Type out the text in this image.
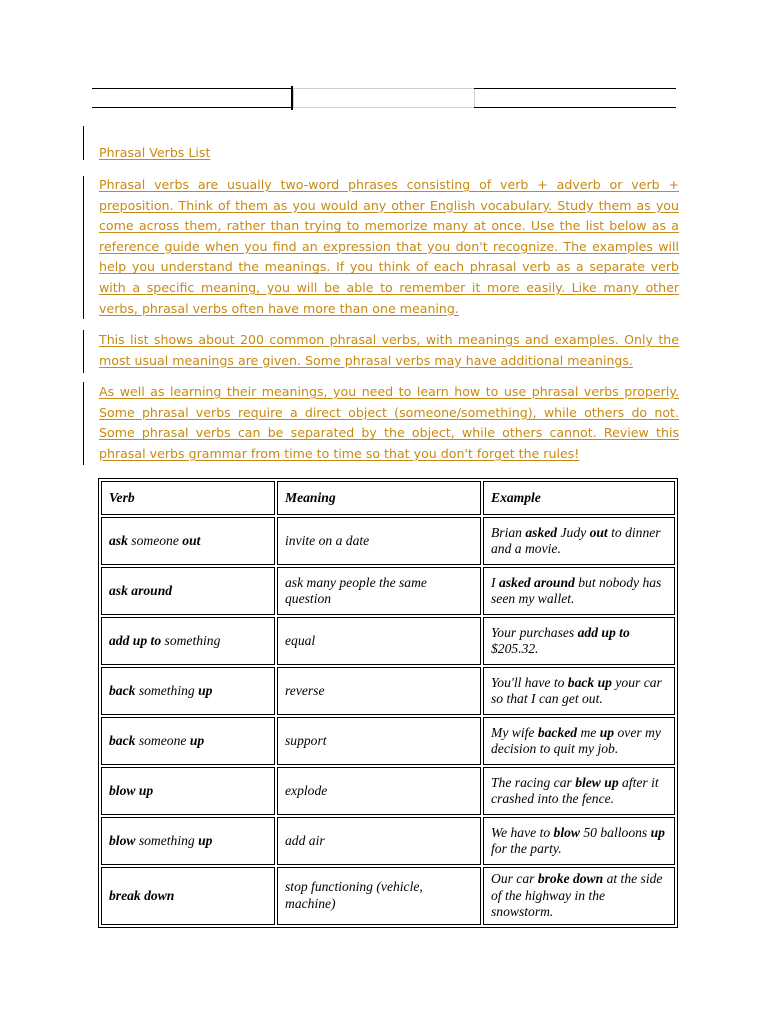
Phrasal Verbs List
Phrasal verbs are usually two-word phrases consisting of verb + adverb or verb + preposition. Think of them as you would any other English vocabulary. Study them as you come across them, rather than trying to memorize many at once. Use the list below as a reference guide when you find an expression that you don't recognize. The examples will help you understand the meanings. If you think of each phrasal verb as a separate verb with a specific meaning, you will be able to remember it more easily. Like many other verbs, phrasal verbs often have more than one meaning.
This list shows about 200 common phrasal verbs, with meanings and examples. Only the most usual meanings are given. Some phrasal verbs may have additional meanings.
As well as learning their meanings, you need to learn how to use phrasal verbs properly. Some phrasal verbs require a direct object (someone/something), while others do not. Some phrasal verbs can be separated by the object, while others cannot. Review this phrasal verbs grammar from time to time so that you don't forget the rules!
Verb	Meaning	Example
ask someone out	invite on a date	Brian asked Judy out to dinner and a movie.
ask around	ask many people the same question	I asked around but nobody has seen my wallet.
add up to something	equal	Your purchases add up to $205.32.
back something up	reverse	You'll have to back up your car so that I can get out.
back someone up	support	My wife backed me up over my decision to quit my job.
blow up	explode	The racing car blew up after it crashed into the fence.
blow something up	add air	We have to blow 50 balloons up for the party.
break down	stop functioning (vehicle, machine)	Our car broke down at the side of the highway in the snowstorm.
